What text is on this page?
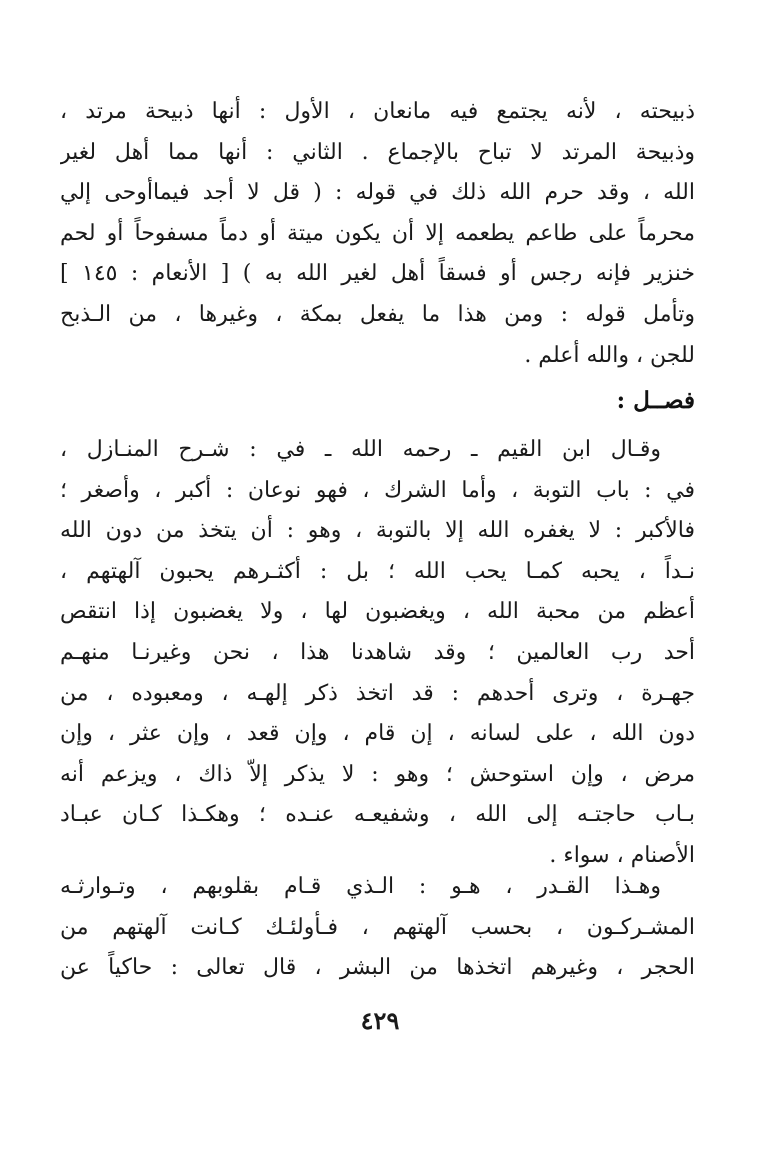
ذبيحته ، لأنه يجتمع فيه مانعان ، الأول : أنها ذبيحة مرتد ،
وذبيحة المرتد لا تباح بالإجماع . الثاني : أنها مما أهل لغير
الله ، وقد حرم الله ذلك في قوله : ( قل لا أجد فيماأوحى إلي
محرماً على طاعم يطعمه إلا أن يكون ميتة أو دماً مسفوحاً أو لحم
خنزير فإنه رجس أو فسقاً أهل لغير الله به ) [ الأنعام : ١٤٥ ]
وتأمل قوله : ومن هذا ما يفعل بمكة ، وغيرها ، من الـذبح
للجن ، والله أعلم .
فصــل :
وقـال ابن القيم ـ رحمه الله ـ في : شـرح المنـازل ،
في : باب التوبة ، وأما الشرك ، فهو نوعان : أكبر ، وأصغر ؛
فالأكبر : لا يغفره الله إلا بالتوبة ، وهو : أن يتخذ من دون الله
نـداً ، يحبه كمـا يحب الله ؛ بل : أكثـرهم يحبون آلهتهم ،
أعظم من محبة الله ، ويغضبون لها ، ولا يغضبون إذا انتقص
أحد رب العالمين ؛ وقد شاهدنا هذا ، نحن وغيرنـا منهـم
جهـرة ، وترى أحدهم : قد اتخذ ذكر إلهـه ، ومعبوده ، من
دون الله ، على لسانه ، إن قام ، وإن قعد ، وإن عثر ، وإن
مرض ، وإن استوحش ؛ وهو : لا يذكر إلاّ ذاك ، ويزعم أنه
بـاب حاجتـه إلى الله ، وشفيعـه عنـده ؛ وهكـذا كـان عبـاد
الأصنام ، سواء .
وهـذا القـدر ، هـو : الـذي قـام بقلوبهم ، وتـوارثـه
المشـركـون ، بحسب آلهتهم ، فـأولئـك كـانت آلهتهم من
الحجر ، وغيرهم اتخذها من البشر ، قال تعالى : حاكياً عن
٤٢٩
